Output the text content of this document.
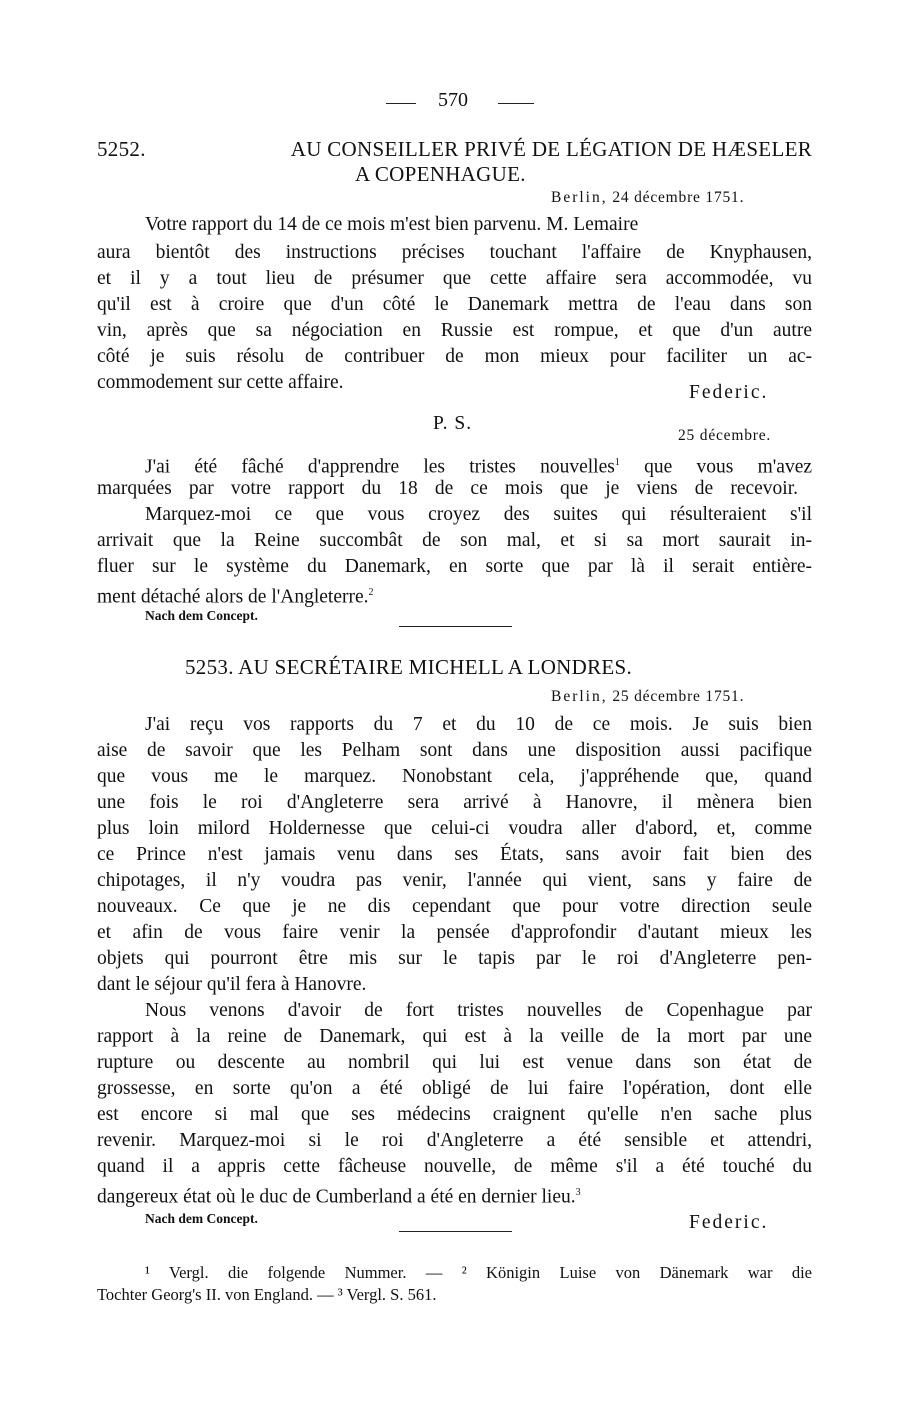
570
5252.	AU CONSEILLER PRIVÉ DE LÉGATION DE HÆSELER
A COPENHAGUE.
Berlin, 24 décembre 1751.
Votre rapport du 14 de ce mois m'est bien parvenu. M. Lemaire
aura bientôt des instructions précises touchant l'affaire de Knyphausen,
et il y a tout lieu de présumer que cette affaire sera accommodée, vu
qu'il est à croire que d'un côté le Danemark mettra de l'eau dans son
vin, après que sa négociation en Russie est rompue, et que d'un autre
côté je suis résolu de contribuer de mon mieux pour faciliter un ac-
commodement sur cette affaire.	Federic.
P. S.
25 décembre.
J'ai été fâché d'apprendre les tristes nouvelles$^1$ que vous m'avez
marquées par votre rapport du 18 de ce mois que je viens de recevoir.
Marquez-moi ce que vous croyez des suites qui résulteraient s'il
arrivait que la Reine succombât de son mal, et si sa mort saurait in-
fluer sur le système du Danemark, en sorte que par là il serait entière-
ment détaché alors de l'Angleterre.$^2$
Nach dem Concept.
5253. AU SECRÉTAIRE MICHELL A LONDRES.
Berlin, 25 décembre 1751.
J'ai reçu vos rapports du 7 et du 10 de ce mois. Je suis bien
aise de savoir que les Pelham sont dans une disposition aussi pacifique
que vous me le marquez. Nonobstant cela, j'appréhende que, quand
une fois le roi d'Angleterre sera arrivé à Hanovre, il mènera bien
plus loin milord Holdernesse que celui-ci voudra aller d'abord, et, comme
ce Prince n'est jamais venu dans ses États, sans avoir fait bien des
chipotages, il n'y voudra pas venir, l'année qui vient, sans y faire de
nouveaux. Ce que je ne dis cependant que pour votre direction seule
et afin de vous faire venir la pensée d'approfondir d'autant mieux les
objets qui pourront être mis sur le tapis par le roi d'Angleterre pen-
dant le séjour qu'il fera à Hanovre.
Nous venons d'avoir de fort tristes nouvelles de Copenhague par
rapport à la reine de Danemark, qui est à la veille de la mort par une
rupture ou descente au nombril qui lui est venue dans son état de
grossesse, en sorte qu'on a été obligé de lui faire l'opération, dont elle
est encore si mal que ses médecins craignent qu'elle n'en sache plus
revenir. Marquez-moi si le roi d'Angleterre a été sensible et attendri,
quand il a appris cette fâcheuse nouvelle, de même s'il a été touché du
dangereux état où le duc de Cumberland a été en dernier lieu.$^3$
Nach dem Concept.	Federic.
¹ Vergl. die folgende Nummer. — ² Königin Luise von Dänemark war die
Tochter Georg's II. von England. — ³ Vergl. S. 561.
